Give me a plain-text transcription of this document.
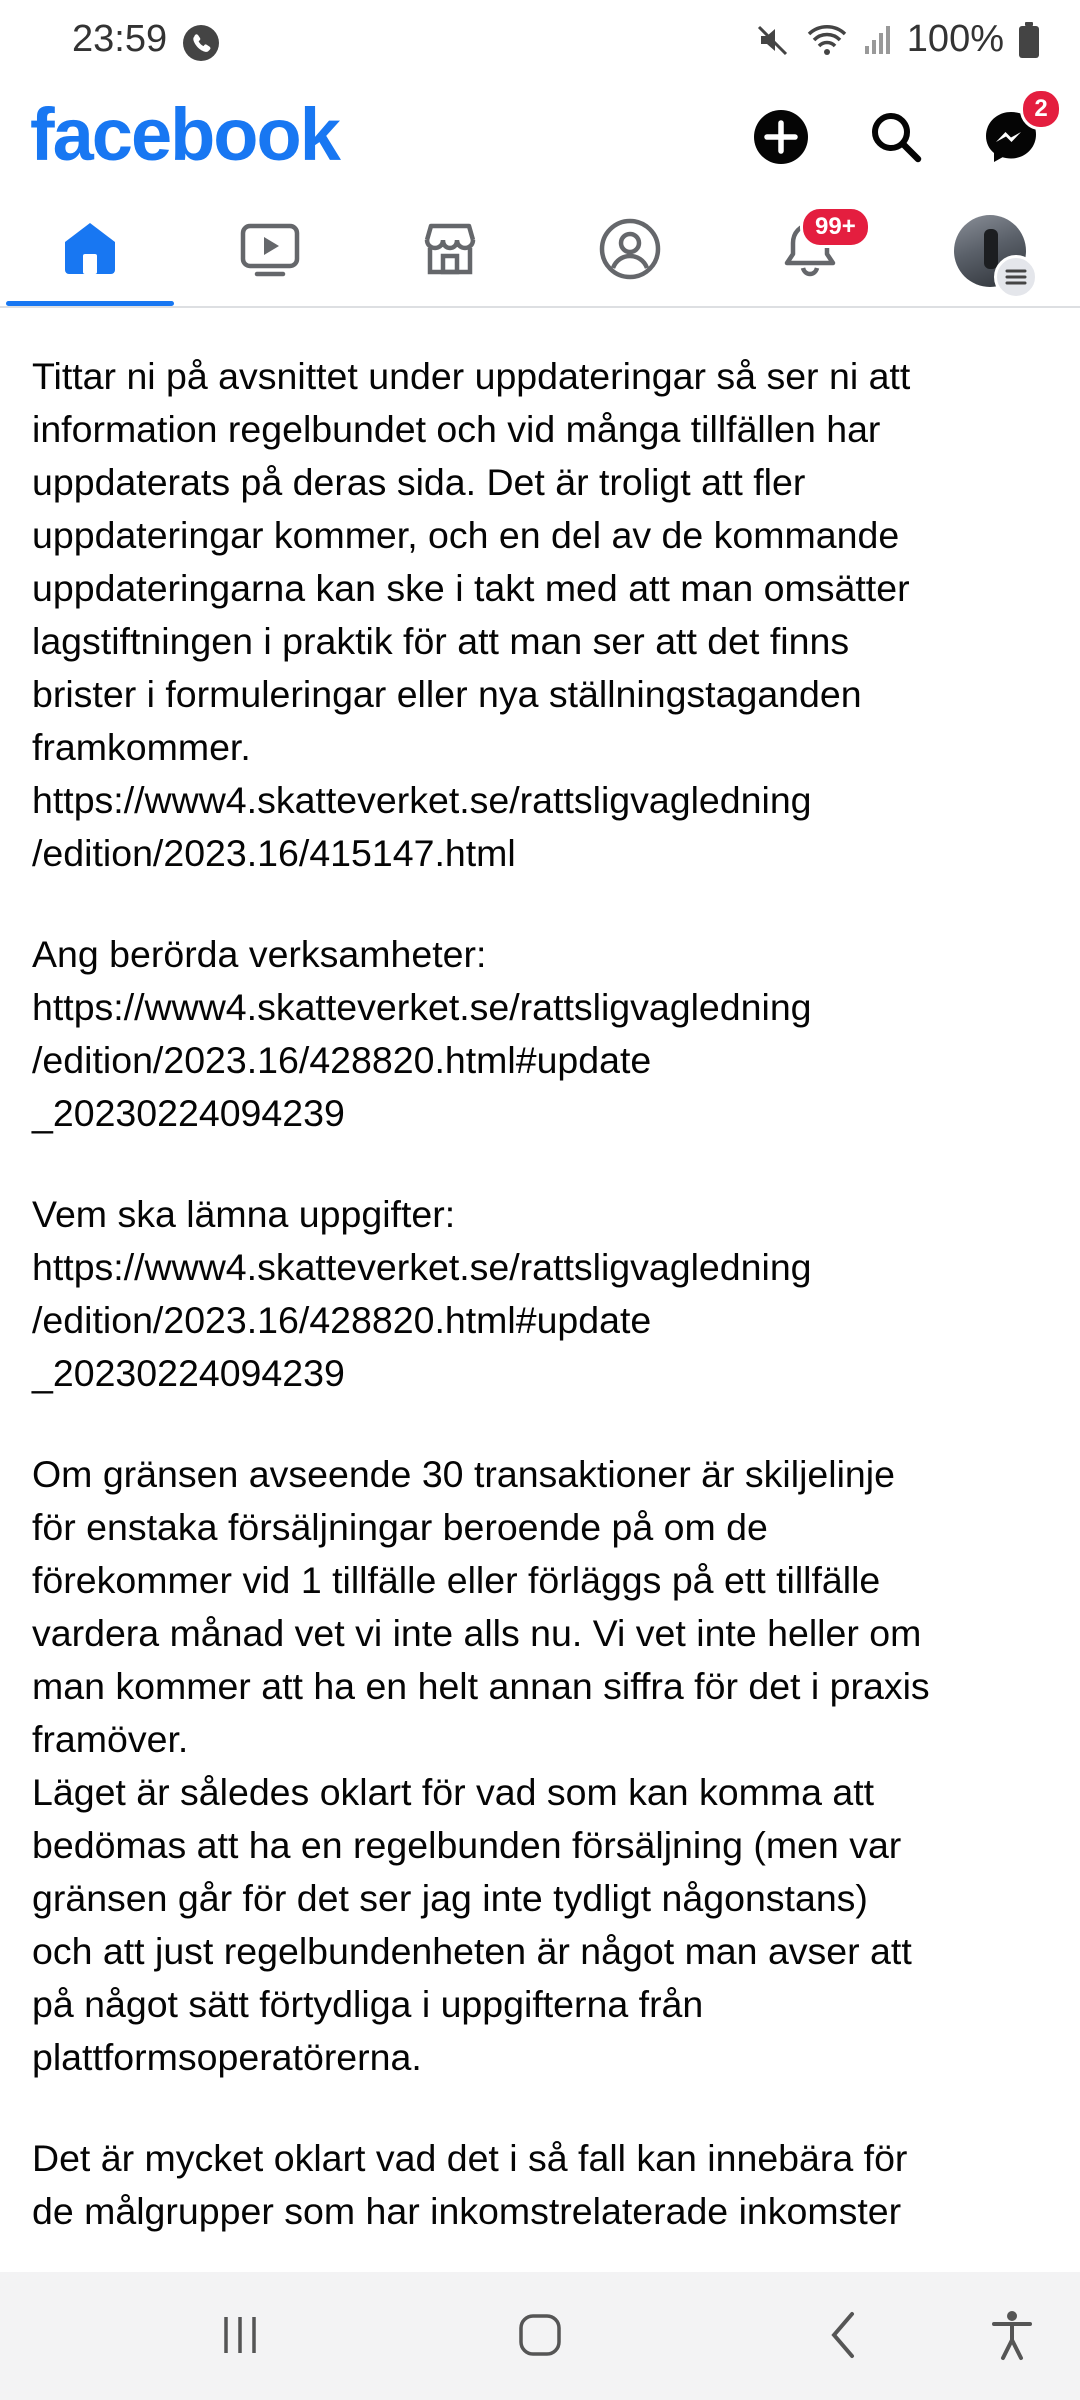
23:59	100%
facebook	2
99+

Tittar ni på avsnittet under uppdateringar så ser ni att
information regelbundet och vid många tillfällen har
uppdaterats på deras sida. Det är troligt att fler
uppdateringar kommer, och en del av de kommande
uppdateringarna kan ske i takt med att man omsätter
lagstiftningen i praktik för att man ser att det finns
brister i formuleringar eller nya ställningstaganden
framkommer.
https://www4.skatteverket.se/rattsligvagledning
/edition/2023.16/415147.html

Ang berörda verksamheter:
https://www4.skatteverket.se/rattsligvagledning
/edition/2023.16/428820.html#update
_20230224094239

Vem ska lämna uppgifter:
https://www4.skatteverket.se/rattsligvagledning
/edition/2023.16/428820.html#update
_20230224094239

Om gränsen avseende 30 transaktioner är skiljelinje
för enstaka försäljningar beroende på om de
förekommer vid 1 tillfälle eller förläggs på ett tillfälle
vardera månad vet vi inte alls nu. Vi vet inte heller om
man kommer att ha en helt annan siffra för det i praxis
framöver.
Läget är således oklart för vad som kan komma att
bedömas att ha en regelbunden försäljning (men var
gränsen går för det ser jag inte tydligt någonstans)
och att just regelbundenheten är något man avser att
på något sätt förtydliga i uppgifterna från
plattformsoperatörerna.

Det är mycket oklart vad det i så fall kan innebära för
de målgrupper som har inkomstrelaterade inkomster
